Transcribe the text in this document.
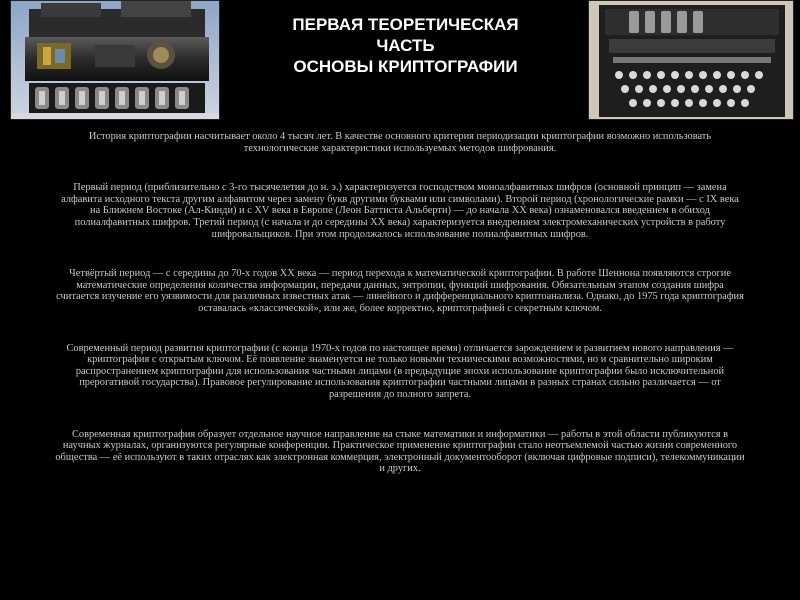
ПЕРВАЯ ТЕОРЕТИЧЕСКАЯ
ЧАСТЬ
ОСНОВЫ КРИПТОГРАФИИ

История криптографии насчитывает около 4 тысяч лет. В качестве основного критерия периодизации криптографии возможно использовать технологические характеристики используемых методов шифрования.

Первый период (приблизительно с 3-го тысячелетия до н. э.) характеризуется господством моноалфавитных шифров (основной принцип — замена алфавита исходного текста другим алфавитом через замену букв другими буквами или символами). Второй период (хронологические рамки — с IX века на Ближнем Востоке (Ал-Кинди) и с XV века в Европе (Леон Баттиста Альберти) — до начала XX века) ознаменовался введением в обиход полиалфавитных шифров. Третий период (с начала и до середины XX века) характеризуется внедрением электромеханических устройств в работу шифровальщиков. При этом продолжалось использование полиалфавитных шифров.

Четвёртый период — с середины до 70-х годов XX века — период перехода к математической криптографии. В работе Шеннона появляются строгие математические определения количества информации, передачи данных, энтропии, функций шифрования. Обязательным этапом создания шифра считается изучение его уязвимости для различных известных атак — линейного и дифференциального криптоанализа. Однако, до 1975 года криптография оставалась «классической», или же, более корректно, криптографией с секретным ключом.

Современный период развития криптографии (с конца 1970-х годов по настоящее время) отличается зарождением и развитием нового направления — криптография с открытым ключом. Её появление знаменуется не только новыми техническими возможностями, но и сравнительно широким распространением криптографии для использования частными лицами (в предыдущие эпохи использование криптографии было исключительной прерогативой государства). Правовое регулирование использования криптографии частными лицами в разных странах сильно различается — от разрешения до полного запрета.

Современная криптография образует отдельное научное направление на стыке математики и информатики — работы в этой области публикуются в научных журналах, организуются регулярные конференции. Практическое применение криптографии стало неотъемлемой частью жизни современного общества — её используют в таких отраслях как электронная коммерция, электронный документооборот (включая цифровые подписи), телекоммуникации и других.
